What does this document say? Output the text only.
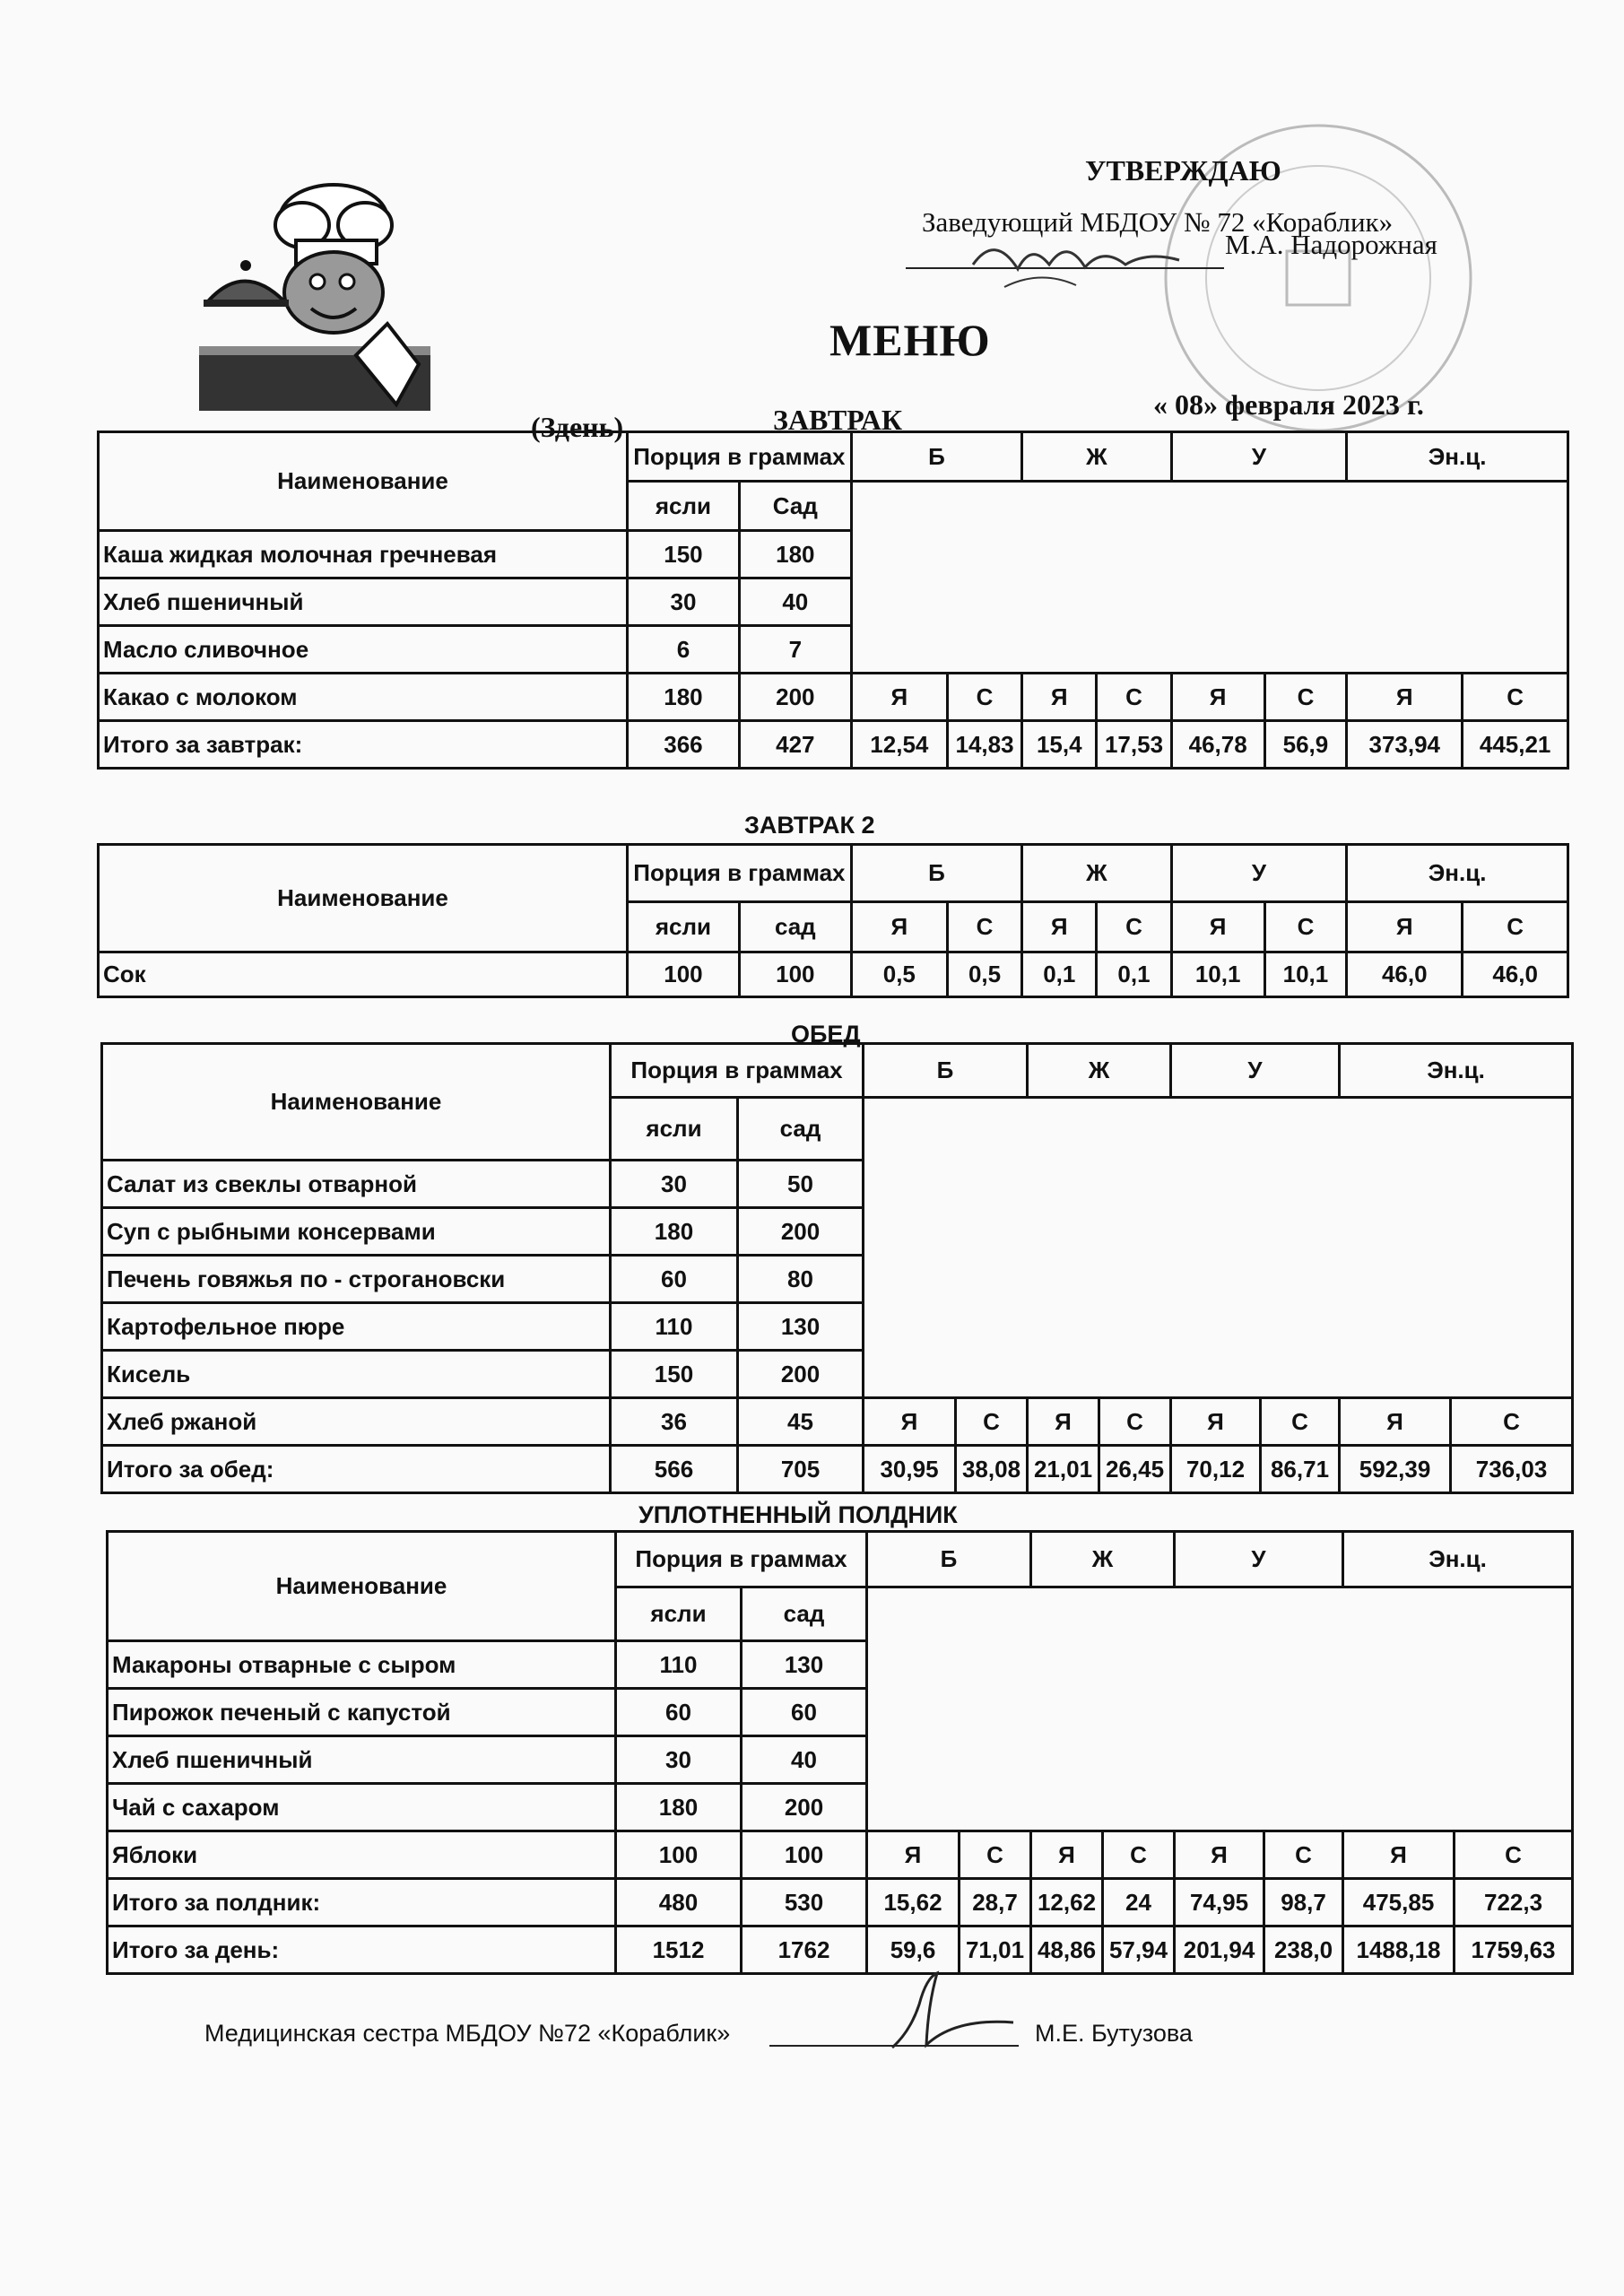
УТВЕРЖДАЮ
Заведующий МБДОУ № 72 «Кораблик»
М.А. Надорожная
МЕНЮ
(Здень)	ЗАВТРАК	« 08» февраля 2023 г.
Наименование	Порция в граммах		Б		Ж		У		Эн.ц.	
	ясли	Сад								
Каша жидкая молочная гречневая	150	180								
Хлеб пшеничный	30	40								
Масло сливочное	6	7								
Какао с молоком	180	200	Я	С	Я	С	Я	С	Я	С
Итого за завтрак:	366	427	12,54	14,83	15,4	17,53	46,78	56,9	373,94	445,21
ЗАВТРАК 2
Наименование	Порция в граммах		Б		Ж		У		Эн.ц.	
	ясли	сад	Я	С	Я	С	Я	С	Я	С
Сок	100	100	0,5	0,5	0,1	0,1	10,1	10,1	46,0	46,0
ОБЕД
Наименование	Порция в граммах		Б		Ж		У		Эн.ц.	
	ясли	сад								
Салат из свеклы отварной	30	50								
Суп с рыбными консервами	180	200								
Печень говяжья по - строгановски	60	80								
Картофельное пюре	110	130								
Кисель	150	200								
Хлеб ржаной	36	45	Я	С	Я	С	Я	С	Я	С
Итого за обед:	566	705	30,95	38,08	21,01	26,45	70,12	86,71	592,39	736,03
УПЛОТНЕННЫЙ ПОЛДНИК
Наименование	Порция в граммах		Б		Ж		У		Эн.ц.	
	ясли	сад								
Макароны отварные с сыром	110	130								
Пирожок печеный с капустой	60	60								
Хлеб пшеничный	30	40								
Чай с сахаром	180	200								
Яблоки	100	100	Я	С	Я	С	Я	С	Я	С
Итого за полдник:	480	530	15,62	28,7	12,62	24	74,95	98,7	475,85	722,3
Итого за день:	1512	1762	59,6	71,01	48,86	57,94	201,94	238,0	1488,18	1759,63
Медицинская сестра МБДОУ №72 «Кораблик»	М.Е. Бутузова
